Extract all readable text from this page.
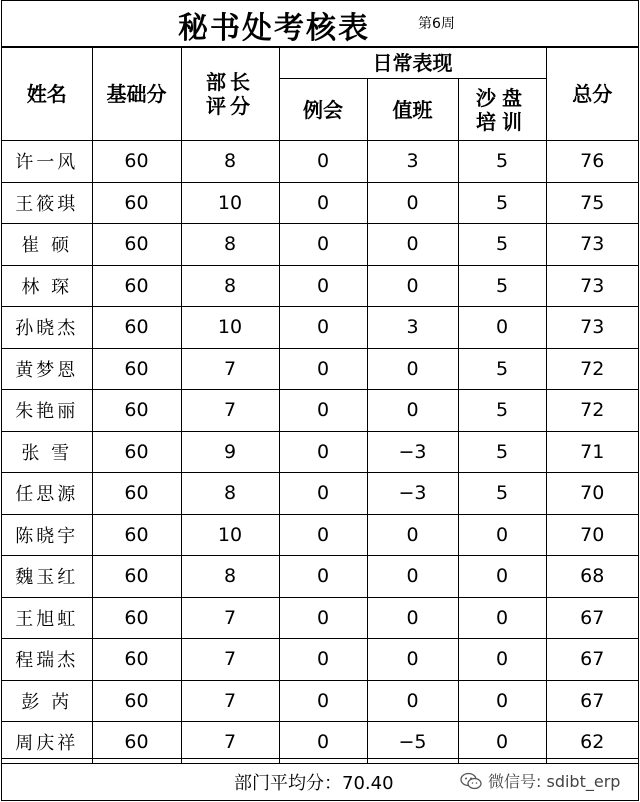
秘书处考核表	第6周
姓名	基础分	部长 评分	日常表现			总分
			例会	值班	沙盘 培训	
许一风	60	8	0	3	5	76
王筱琪	60	10	0	0	5	75
崔 硕	60	8	0	0	5	73
林 琛	60	8	0	0	5	73
孙晓杰	60	10	0	3	0	73
黄梦恩	60	7	0	0	5	72
朱艳丽	60	7	0	0	5	72
张 雪	60	9	0	−3	5	71
任思源	60	8	0	−3	5	70
陈晓宇	60	10	0	0	0	70
魏玉红	60	8	0	0	0	68
王旭虹	60	7	0	0	0	67
程瑞杰	60	7	0	0	0	67
彭 芮	60	7	0	0	0	67
周庆祥	60	7	0	−5	0	62
部门平均分：70.40	微信号: sdibt_erp
